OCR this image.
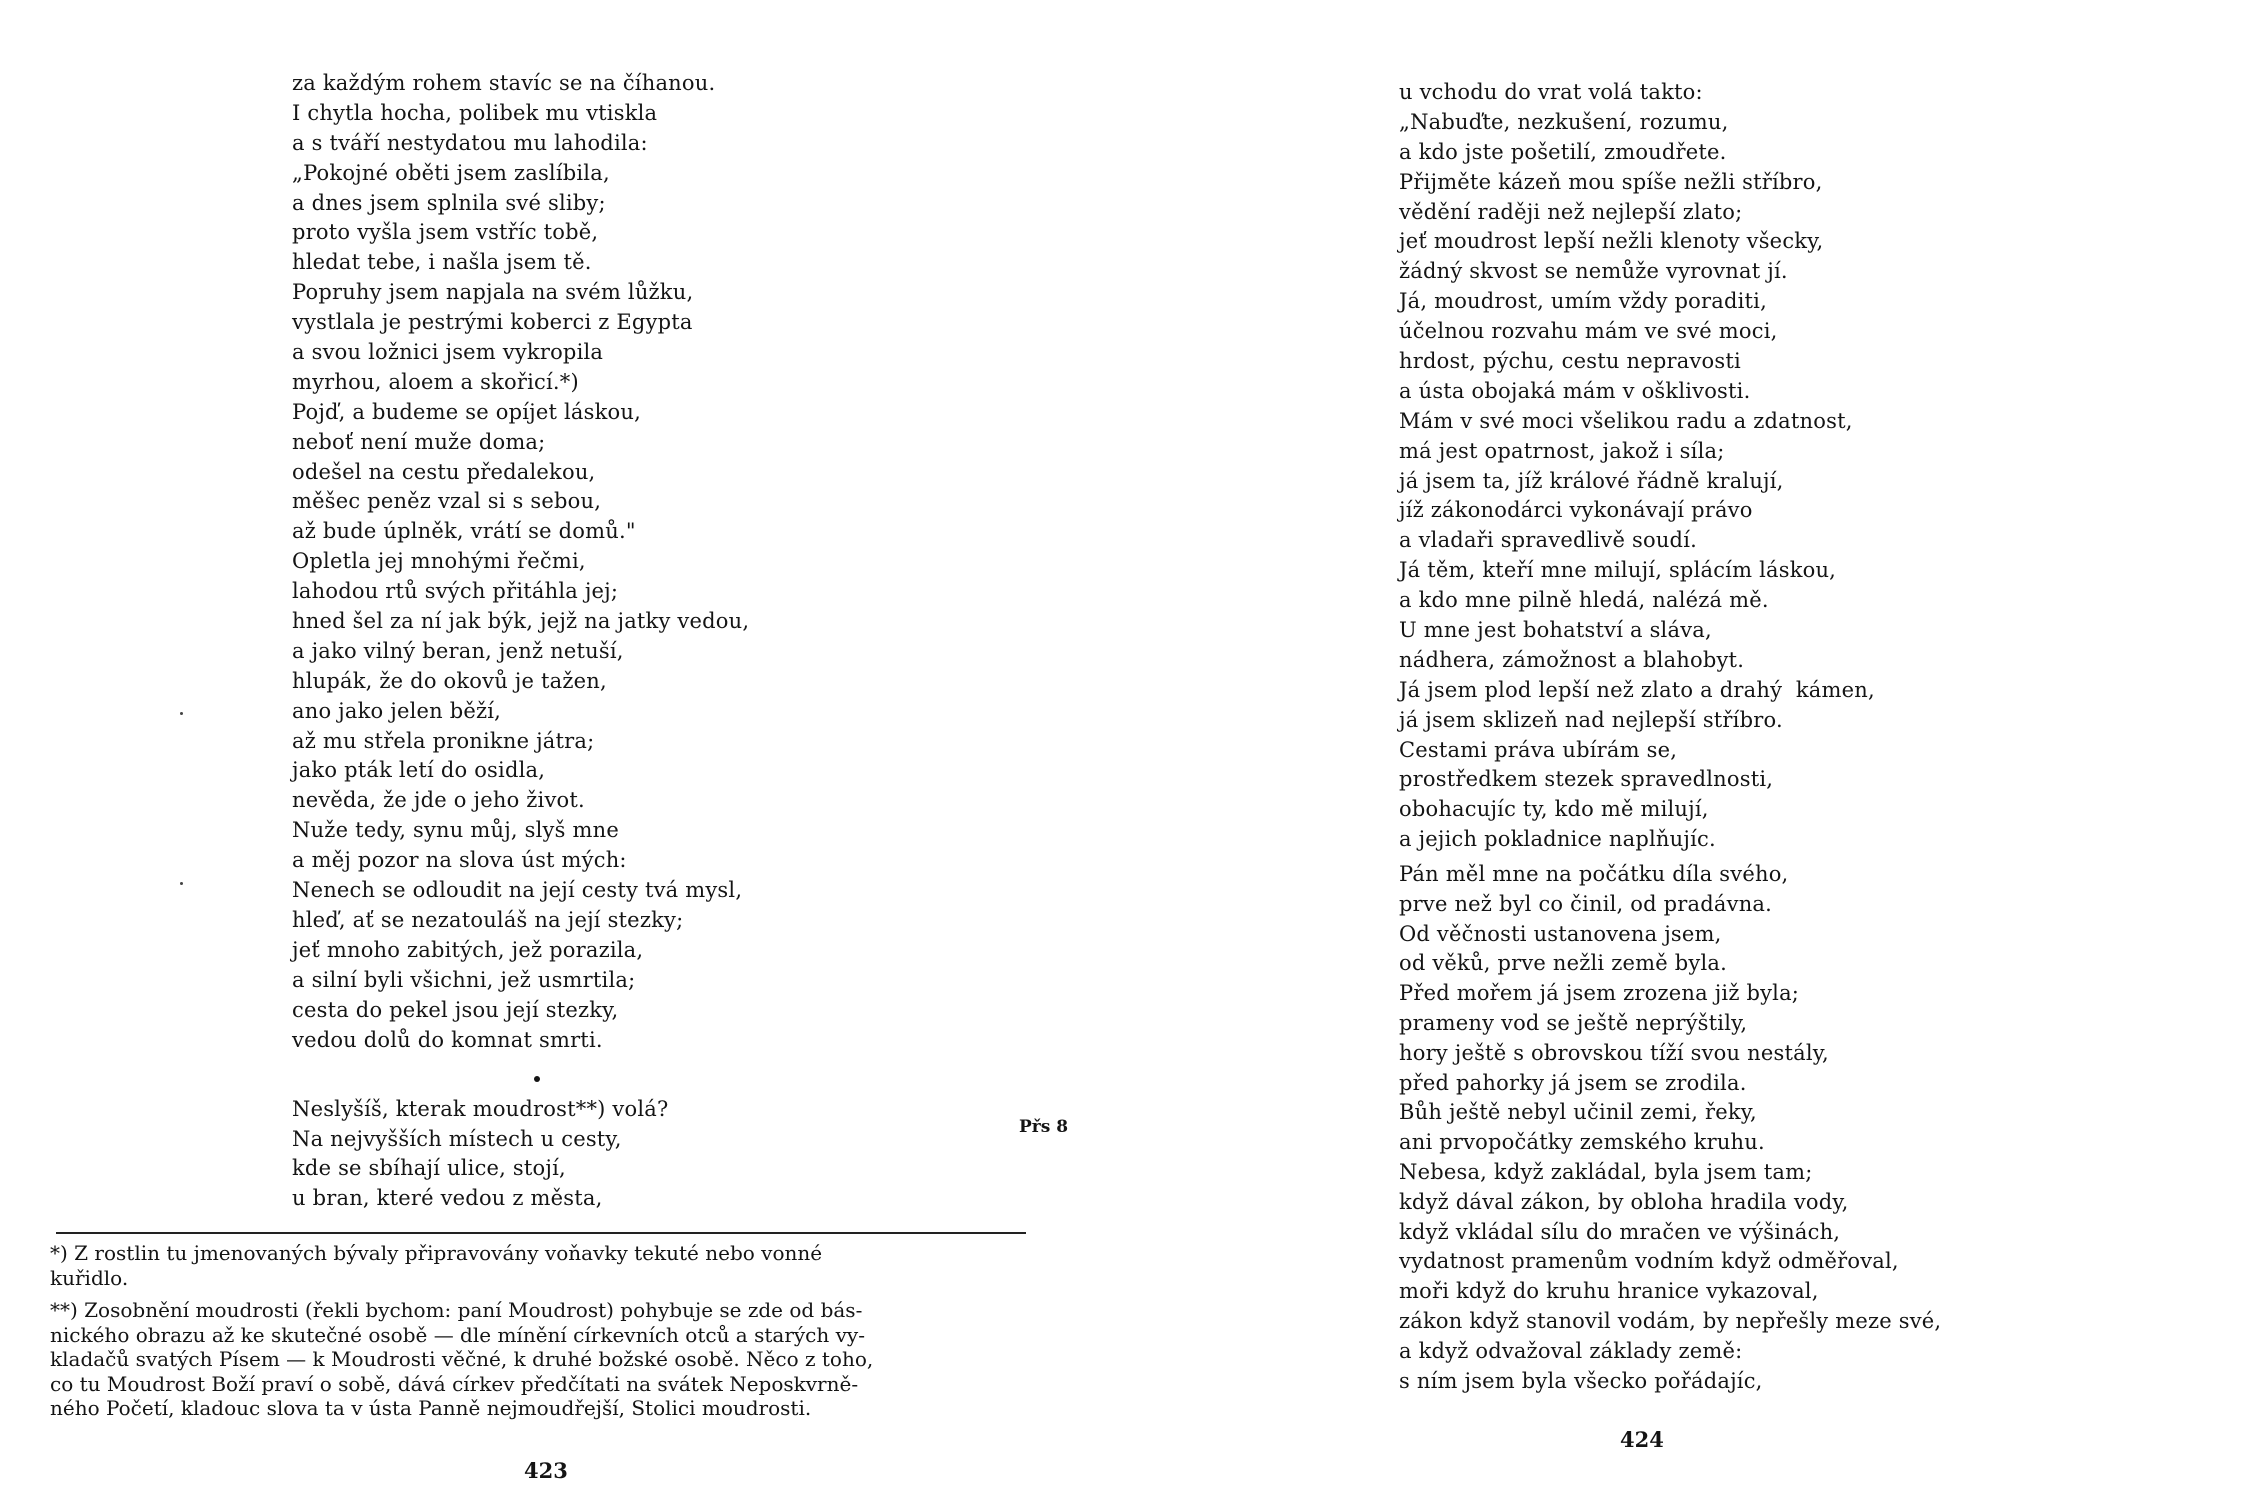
za každým rohem stavíc se na číhanou.
I chytla hocha, polibek mu vtiskla
a s tváří nestydatou mu lahodila:
„Pokojné oběti jsem zaslíbila,
a dnes jsem splnila své sliby;
proto vyšla jsem vstříc tobě,
hledat tebe, i našla jsem tě.
Popruhy jsem napjala na svém lůžku,
vystlala je pestrými koberci z Egypta
a svou ložnici jsem vykropila
myrhou, aloem a skořicí.*)
Pojď, a budeme se opíjet láskou,
neboť není muže doma;
odešel na cestu předalekou,
měšec peněz vzal si s sebou,
až bude úplněk, vrátí se domů."
Opletla jej mnohými řečmi,
lahodou rtů svých přitáhla jej;
hned šel za ní jak býk, jejž na jatky vedou,
a jako vilný beran, jenž netuší,
hlupák, že do okovů je tažen,
ano jako jelen běží,
až mu střela pronikne játra;
jako pták letí do osidla,
nevěda, že jde o jeho život.
Nuže tedy, synu můj, slyš mne
a měj pozor na slova úst mých:
Nenech se odloudit na její cesty tvá mysl,
hleď, ať se nezatouláš na její stezky;
jeť mnoho zabitých, jež porazila,
a silní byli všichni, jež usmrtila;
cesta do pekel jsou její stezky,
vedou dolů do komnat smrti.
Neslyšíš, kterak moudrost**) volá?
Na nejvyšších místech u cesty,
kde se sbíhají ulice, stojí,
u bran, které vedou z města,
Přs 8
*) Z rostlin tu jmenovaných bývaly připravovány voňavky tekuté nebo vonné
kuřidlo.
**) Zosobnění moudrosti (řekli bychom: paní Moudrost) pohybuje se zde od bás-
nického obrazu až ke skutečné osobě — dle mínění církevních otců a starých vy-
kladačů svatých Písem — k Moudrosti věčné, k druhé božské osobě. Něco z toho,
co tu Moudrost Boží praví o sobě, dává církev předčítati na svátek Neposkvrně-
ného Početí, kladouc slova ta v ústa Panně nejmoudřejší, Stolici moudrosti.
423
u vchodu do vrat volá takto:
„Nabuďte, nezkušení, rozumu,
a kdo jste pošetilí, zmoudřete.
Přijměte kázeň mou spíše nežli stříbro,
vědění raději než nejlepší zlato;
jeť moudrost lepší nežli klenoty všecky,
žádný skvost se nemůže vyrovnat jí.
Já, moudrost, umím vždy poraditi,
účelnou rozvahu mám ve své moci,
hrdost, pýchu, cestu nepravosti
a ústa obojaká mám v ošklivosti.
Mám v své moci všelikou radu a zdatnost,
má jest opatrnost, jakož i síla;
já jsem ta, jíž králové řádně kralují,
jíž zákonodárci vykonávají právo
a vladaři spravedlivě soudí.
Já těm, kteří mne milují, splácím láskou,
a kdo mne pilně hledá, nalézá mě.
U mne jest bohatství a sláva,
nádhera, zámožnost a blahobyt.
Já jsem plod lepší než zlato a drahý  kámen,
já jsem sklizeň nad nejlepší stříbro.
Cestami práva ubírám se,
prostředkem stezek spravedlnosti,
obohacujíc ty, kdo mě milují,
a jejich pokladnice naplňujíc.
Pán měl mne na počátku díla svého,
prve než byl co činil, od pradávna.
Od věčnosti ustanovena jsem,
od věků, prve nežli země byla.
Před mořem já jsem zrozena již byla;
prameny vod se ještě neprýštily,
hory ještě s obrovskou tíží svou nestály,
před pahorky já jsem se zrodila.
Bůh ještě nebyl učinil zemi, řeky,
ani prvopočátky zemského kruhu.
Nebesa, když zakládal, byla jsem tam;
když dával zákon, by obloha hradila vody,
když vkládal sílu do mračen ve výšinách,
vydatnost pramenům vodním když odměřoval,
moři když do kruhu hranice vykazoval,
zákon když stanovil vodám, by nepřešly meze své,
a když odvažoval základy země:
s ním jsem byla všecko pořádajíc,
424
